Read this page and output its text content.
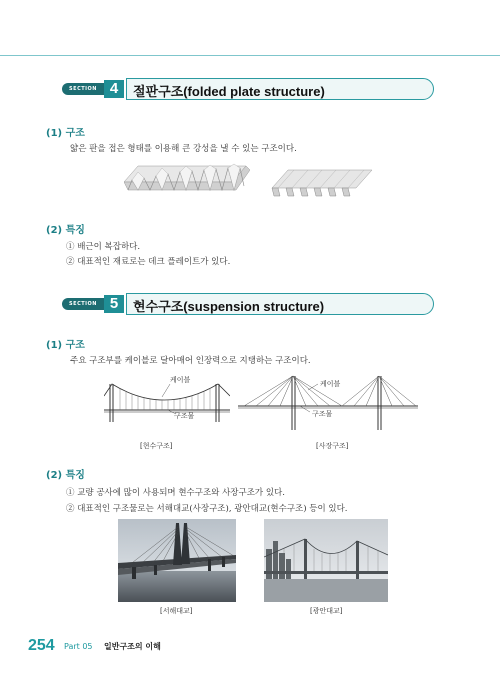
SECTION 4	절판구조(folded plate structure)
(1) 구조
얇은 판을 접은 형태를 이용해 큰 강성을 낼 수 있는 구조이다.
(2) 특징
① 배근이 복잡하다.
② 대표적인 재료로는 데크 플레이트가 있다.
SECTION 5	현수구조(suspension structure)
(1) 구조
주요 구조부를 케이블로 달아매어 인장력으로 지탱하는 구조이다.
케이블
구조물
[현수구조]
케이블
구조물
[사장구조]
(2) 특징
① 교량 공사에 많이 사용되며 현수구조와 사장구조가 있다.
② 대표적인 구조물로는 서해대교(사장구조), 광안대교(현수구조) 등이 있다.
[서해대교]	[광안대교]
254 Part 05 일반구조의 이해
